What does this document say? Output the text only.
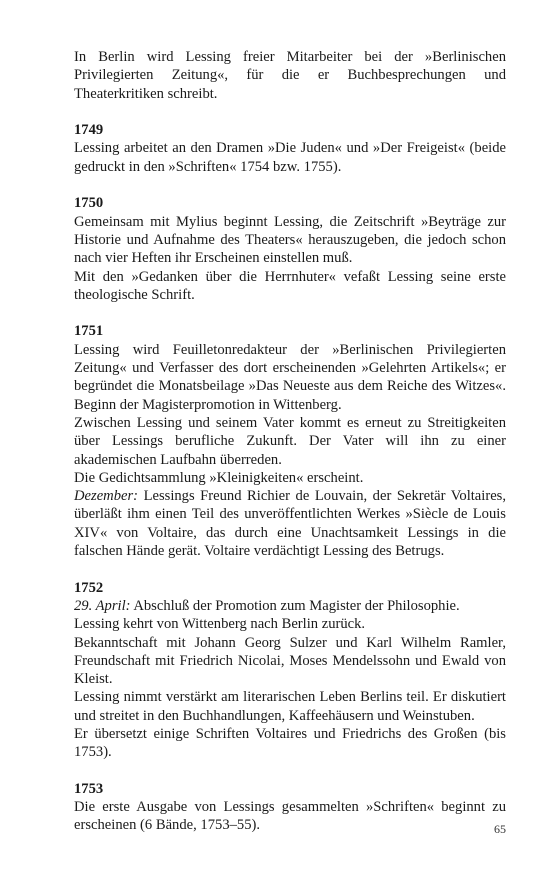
In Berlin wird Lessing freier Mitarbeiter bei der »Berlinischen Privilegierten Zeitung«, für die er Buchbesprechungen und Theaterkritiken schreibt.
1749
Lessing arbeitet an den Dramen »Die Juden« und »Der Freigeist« (beide gedruckt in den »Schriften« 1754 bzw. 1755).
1750
Gemeinsam mit Mylius beginnt Lessing, die Zeitschrift »Beyträge zur Historie und Aufnahme des Theaters« herauszugeben, die jedoch schon nach vier Heften ihr Erscheinen einstellen muß.
Mit den »Gedanken über die Herrnhuter« vefaßt Lessing seine erste theologische Schrift.
1751
Lessing wird Feuilletonredakteur der »Berlinischen Privilegierten Zeitung« und Verfasser des dort erscheinenden »Gelehrten Artikels«; er begründet die Monatsbeilage »Das Neueste aus dem Reiche des Witzes«. Beginn der Magisterpromotion in Wittenberg.
Zwischen Lessing und seinem Vater kommt es erneut zu Streitigkeiten über Lessings berufliche Zukunft. Der Vater will ihn zu einer akademischen Laufbahn überreden.
Die Gedichtsammlung »Kleinigkeiten« erscheint.
Dezember: Lessings Freund Richier de Louvain, der Sekretär Voltaires, überläßt ihm einen Teil des unveröffentlichten Werkes »Siècle de Louis XIV« von Voltaire, das durch eine Unachtsamkeit Lessings in die falschen Hände gerät. Voltaire verdächtigt Lessing des Betrugs.
1752
29. April: Abschluß der Promotion zum Magister der Philosophie.
Lessing kehrt von Wittenberg nach Berlin zurück.
Bekanntschaft mit Johann Georg Sulzer und Karl Wilhelm Ramler, Freundschaft mit Friedrich Nicolai, Moses Mendelssohn und Ewald von Kleist.
Lessing nimmt verstärkt am literarischen Leben Berlins teil. Er diskutiert und streitet in den Buchhandlungen, Kaffeehäusern und Weinstuben.
Er übersetzt einige Schriften Voltaires und Friedrichs des Großen (bis 1753).
1753
Die erste Ausgabe von Lessings gesammelten »Schriften« beginnt zu erscheinen (6 Bände, 1753–55).	65
